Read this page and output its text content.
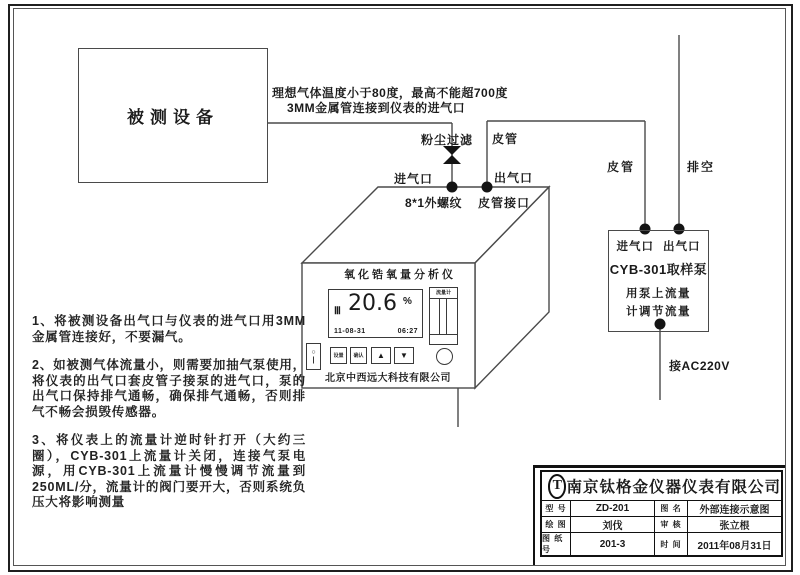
被测设备
理想气体温度小于80度，最高不能超700度
3MM金属管连接到仪表的进气口
粉尘过滤 皮管
进气口	出气口
8*1外螺纹 皮管接口
皮管	排空
接AC220V
氧化锆氧量分析仪
Ⅲ 20.6 %
11-08-31	06:27
○
|
设置	确认	▲	▼
北京中西远大科技有限公司
流量计
进气口 出气口
CYB-301取样泵
用泵上流量
计调节流量

1、将被测设备出气口与仪表的进气口用3MM金属管连接好，不要漏气。

2、如被测气体流量小，则需要加抽气泵使用，将仪表的出气口套皮管子接泵的进气口，泵的出气口保持排气通畅，确保排气通畅，否则排气不畅会损毁传感器。

3、将仪表上的流量计逆时针打开（大约三圈），CYB-301上流量计关闭，连接气泵电源，用CYB-301上流量计慢慢调节流量到250ML/分，流量计的阀门要开大，否则系统负压大将影响测量

T 南京钛格金仪器仪表有限公司
型 号	ZD-201	图 名	外部连接示意图
绘 图	刘伐	审 核	张立根
图 纸 号	201-3	时 间	2011年08月31日
